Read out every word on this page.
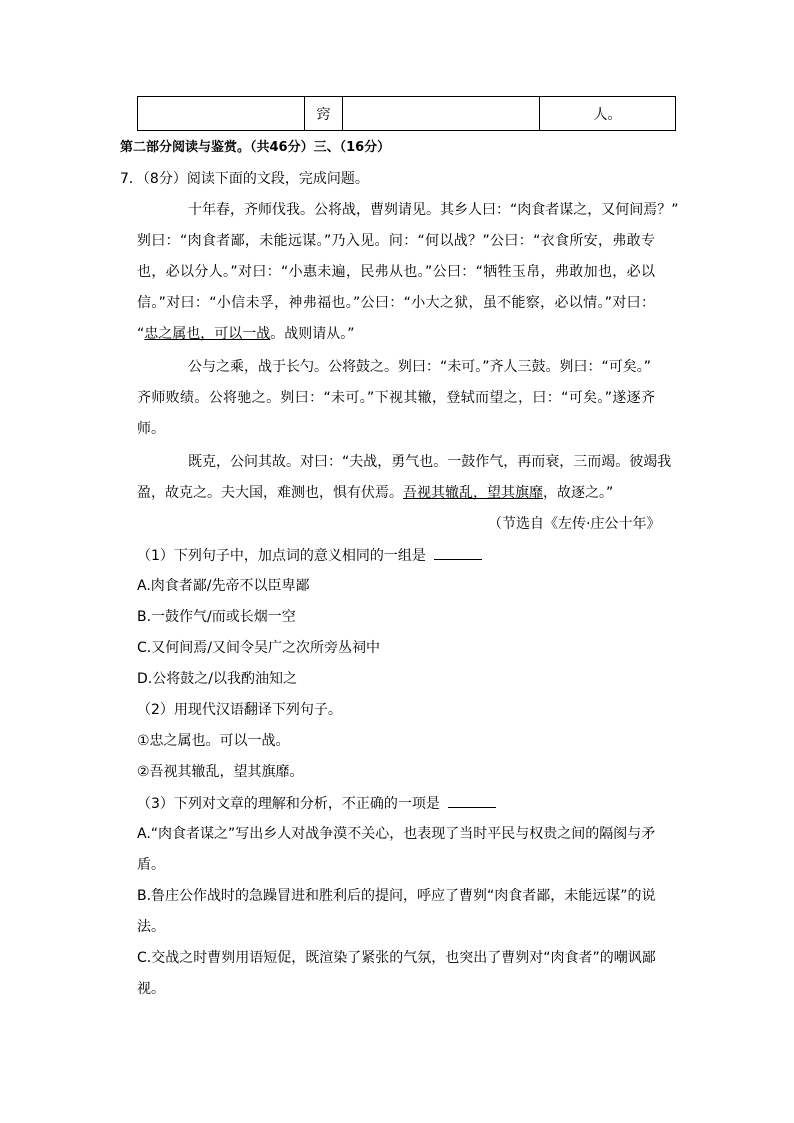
	窍		人。
第二部分阅读与鉴赏。（共46分）三、（16分）
7．（8分）阅读下面的文段，完成问题。
十年春，齐师伐我。公将战，曹刿请见。其乡人曰：“肉食者谋之，又何间焉？”
刿曰：“肉食者鄙，未能远谋。”乃入见。问：“何以战？”公曰：“衣食所安，弗敢专
也，必以分人。”对曰：“小惠未遍，民弗从也。”公曰：“牺牲玉帛，弗敢加也，必以
信。”对曰：“小信未孚，神弗福也。”公曰：“小大之狱，虽不能察，必以情。”对曰：
“忠之属也，可以一战。战则请从。”
公与之乘，战于长勺。公将鼓之。刿曰：“未可。”齐人三鼓。刿曰：“可矣。”
齐师败绩。公将驰之。刿曰：“未可。”下视其辙，登轼而望之，曰：“可矣。”遂逐齐
师。
既克，公问其故。对曰：“夫战，勇气也。一鼓作气，再而衰，三而竭。彼竭我
盈，故克之。夫大国，难测也，惧有伏焉。吾视其辙乱，望其旗靡，故逐之。”
（节选自《左传·庄公十年》
（1）下列句子中，加点词的意义相同的一组是
A.肉食者鄙/先帝不以臣卑鄙
B.一鼓作气/而或长烟一空
C.又何间焉/又间令吴广之次所旁丛祠中
D.公将鼓之/以我酌油知之
（2）用现代汉语翻译下列句子。
①忠之属也。可以一战。
②吾视其辙乱，望其旗靡。
（3）下列对文章的理解和分析，不正确的一项是
A.“肉食者谋之”写出乡人对战争漠不关心，也表现了当时平民与权贵之间的隔阂与矛
盾。
B.鲁庄公作战时的急躁冒进和胜利后的提问，呼应了曹刿“肉食者鄙，未能远谋”的说
法。
C.交战之时曹刿用语短促，既渲染了紧张的气氛，也突出了曹刿对“肉食者”的嘲讽鄙
视。
